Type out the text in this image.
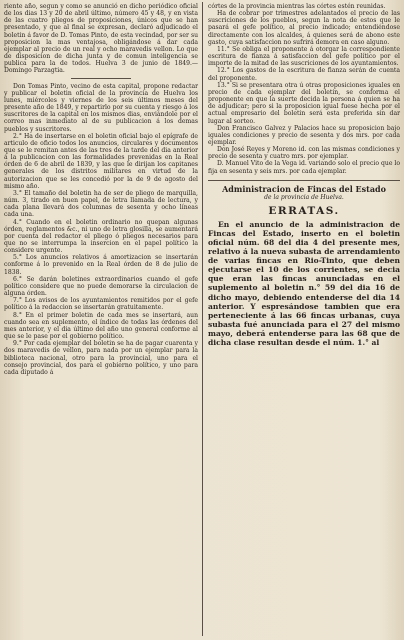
riente año, segun y como se anunció en dicho periódico oficial de los dias 13 y 20 de abril último, número 45 y 48, y en vista de las cuatro pliegos de proposiciones, únicos que se han presentado, y que al final se expresan, declaró adjudicado el boletin á favor de D. Tomas Pinto, de esta vecindad, por ser su proposicion la mas ventajosa, obligándose á dar cada ejemplar al precio de un real y ocho maravedis vellon. Lo que de disposicion de dicha junta y de comun inteligencia se publica para la de todos. Huelva 3 de junio de 1849.—Domingo Parzagtia.

Don Tomas Pinto, vecino de esta capital, propone redactar y publicar el boletin oficial de la provincia de Huelva los lunes, miércoles y viernes de los seis últimos meses del presente año de 1849, y repartirlo por su cuenta y riesgo á los suscritores de la capital en los mismos dias, enviándole por el correo mas inmediato al de su publicacion á los demas pueblos y suscritores.

2.° Ha de insertarse en el boletin oficial bajo el epígrafe de articulo de oficio todos los anuncios, circulares y documentos que se le remitan antes de las tres de la tarde del dia anterior á la publicacion con las formalidades prevenidas en la Real órden de 6 de abril de 1839, y las que le dirijan los capitanes generales de los distritos militares en virtud de la autorizacion que se les concedió por la de 9 de agosto del mismo año.

3.° El tamaño del boletin ha de ser de pliego de marquilla, núm. 3, tirado en buen papel, de letra llamada de lectura, y cada plana llevará dos columnas de sesenta y ocho líneas cada una.

4.° Cuando en el boletin ordinario no quepan algunas órden, reglamentos &c., ni uno de letra glosilla, se aumentará por cuenta del redactor el pliego ó pliegos necesarios para que no se interrumpa la insercion en el papel político la considere urgente.

5.° Los anuncios relativos á amortizacion se insertarán conforme á lo prevenido en la Real órden de 8 de julio de 1838.

6.° Se darán boletines extraordinarios cuando el gefe político considere que no puede demorarse la circulacion de alguna órden.

7.° Los avisos de los ayuntamientos remitidos por el gefe político á la redaccion se insertarán gratuitamente.

8.° En el primer boletin de cada mes se insertará, aun cuando sea en suplemento, el índice de todas las órdenes del mes anterior, y el dia último del año uno general conforme al que se le pase por el gobierno político.

9.° Por cada ejemplar del boletin se ha de pagar cuarenta y dos maravedis de vellon, para nada por un ejemplar para la biblioteca nacional, otro para la provincial, uno para el consejo provincial, dos para el gobierno político, y uno para cada diputado á

córtes de la provincia mientras las córtes estén reunidas.

Ha de cobrar por trimestres adelantados el precio de las suscriciones de los pueblos, segun la nota de estos que le pasará el gefe político, al precio indicado; entendiéndose directamente con los alcaldes, á quienes será de abono este gasto, cuya satisfaccion no sufrirá demora en caso alguno.

11.° Se obliga el proponente á otorgar la correspondiente escritura de fianza á satisfaccion del gefe político por el importe de la mitad de las suscriciones de los ayuntamientos.

12.° Los gastos de la escritura de fianza serán de cuenta del proponente.

13.° Si se presentara otra ú otras proposiciones iguales en precio de cada ejemplar del boletin, se conforma el proponente en que la suerte decida la persona á quien se ha de adjudicar; pero si la proposicion igual fuese hecha por el actual empresario del boletin será esta preferida sin dar lugar al sorteo.

Don Francisco Galvez y Palacios hace su proposicion bajo iguales condiciones y precio de sesenta y dos mrs. por cada ejemplar.

Don José Reyes y Moreno id. con las mismas condiciones y precio de sesenta y cuatro mrs. por ejemplar.

D. Manuel Vito de la Vega id. variando solo el precio que lo fija en sesenta y seis mrs. por cada ejemplar.

Administracion de Fincas del Estado
de la provincia de Huelva.
ERRATAS.

En el anuncio de la administracion de Fincas del Estado, inserto en el boletin oficial núm. 68 del dia 4 del presente mes, relativo á la nueva subasta de arrendamiento de varias fincas en Rio-Tinto, que deben ejecutarse el 10 de los corrientes, se decia que eran las fincas anunciadas en el suplemento al boletin n.° 59 del dia 16 de dicho mayo, debiendo entenderse del dia 14 anterior. Y espresándose tambien que era perteneciente á las 66 fincas urbanas, cuya subasta fué anunciada para el 27 del mismo mayo, deberá entenderse para las 68 que de dicha clase resultan desde el núm. 1.° al
